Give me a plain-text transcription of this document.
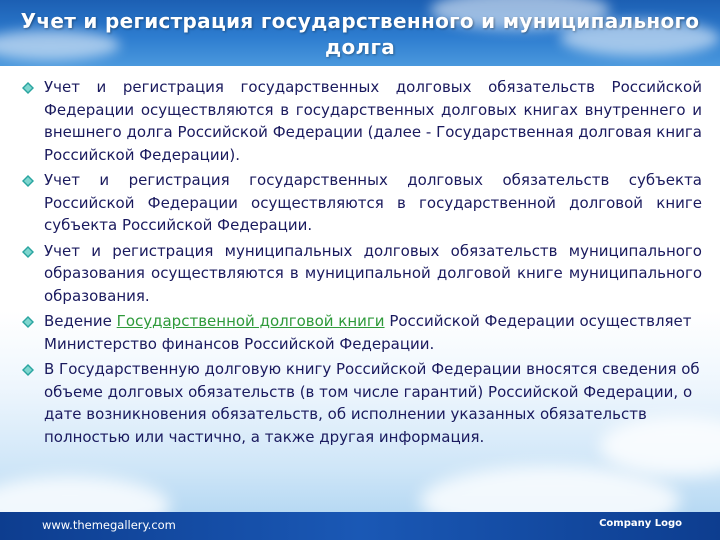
Учет и регистрация государственного и муниципального долга
Учет и регистрация государственных долговых обязательств Российской Федерации осуществляются в государственных долговых книгах внутреннего и внешнего долга Российской Федерации (далее - Государственная долговая книга Российской Федерации).
Учет и регистрация государственных долговых обязательств субъекта Российской Федерации осуществляются в государственной долговой книге субъекта Российской Федерации.
Учет и регистрация муниципальных долговых обязательств муниципального образования осуществляются в муниципальной долговой книге муниципального образования.
Ведение Государственной долговой книги Российской Федерации осуществляет Министерство финансов Российской Федерации.
В Государственную долговую книгу Российской Федерации вносятся сведения об объеме долговых обязательств (в том числе гарантий) Российской Федерации, о дате возникновения обязательств, об исполнении указанных обязательств полностью или частично, а также другая информация.
www.themegallery.com	Company Logo
